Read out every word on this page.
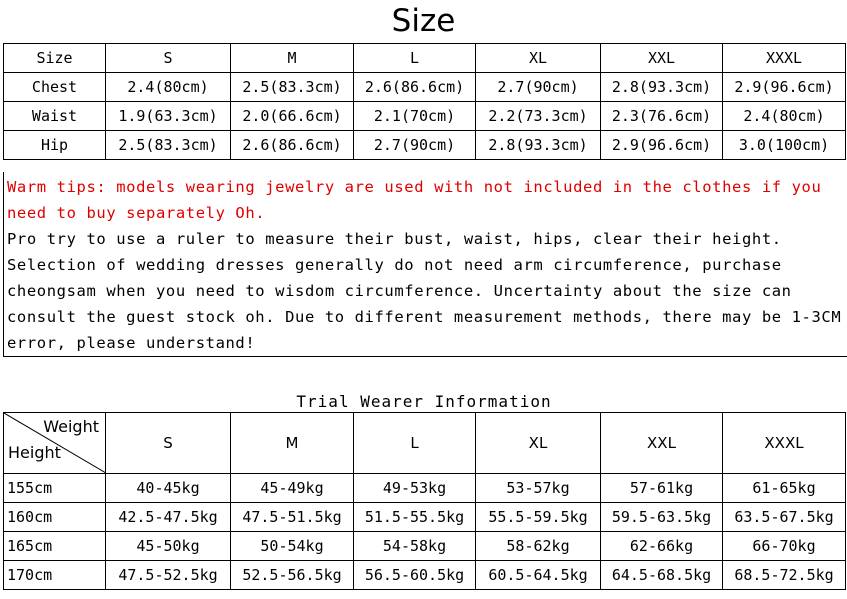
Size
Size	S	M	L	XL	XXL	XXXL
Chest	2.4(80cm)	2.5(83.3cm)	2.6(86.6cm)	2.7(90cm)	2.8(93.3cm)	2.9(96.6cm)
Waist	1.9(63.3cm)	2.0(66.6cm)	2.1(70cm)	2.2(73.3cm)	2.3(76.6cm)	2.4(80cm)
Hip	2.5(83.3cm)	2.6(86.6cm)	2.7(90cm)	2.8(93.3cm)	2.9(96.6cm)	3.0(100cm)

Warm tips: models wearing jewelry are used with not included in the clothes if you need to buy separately Oh.

Pro try to use a ruler to measure their bust, waist, hips, clear their height. Selection of wedding dresses generally do not need arm circumference, purchase cheongsam when you need to wisdom circumference. Uncertainty about the size can consult the guest stock oh. Due to different measurement methods, there may be 1-3CM error, please understand!

Trial Wearer Information
Weight
Height	S	M	L	XL	XXL	XXXL
155cm	40-45kg	45-49kg	49-53kg	53-57kg	57-61kg	61-65kg
160cm	42.5-47.5kg	47.5-51.5kg	51.5-55.5kg	55.5-59.5kg	59.5-63.5kg	63.5-67.5kg
165cm	45-50kg	50-54kg	54-58kg	58-62kg	62-66kg	66-70kg
170cm	47.5-52.5kg	52.5-56.5kg	56.5-60.5kg	60.5-64.5kg	64.5-68.5kg	68.5-72.5kg
